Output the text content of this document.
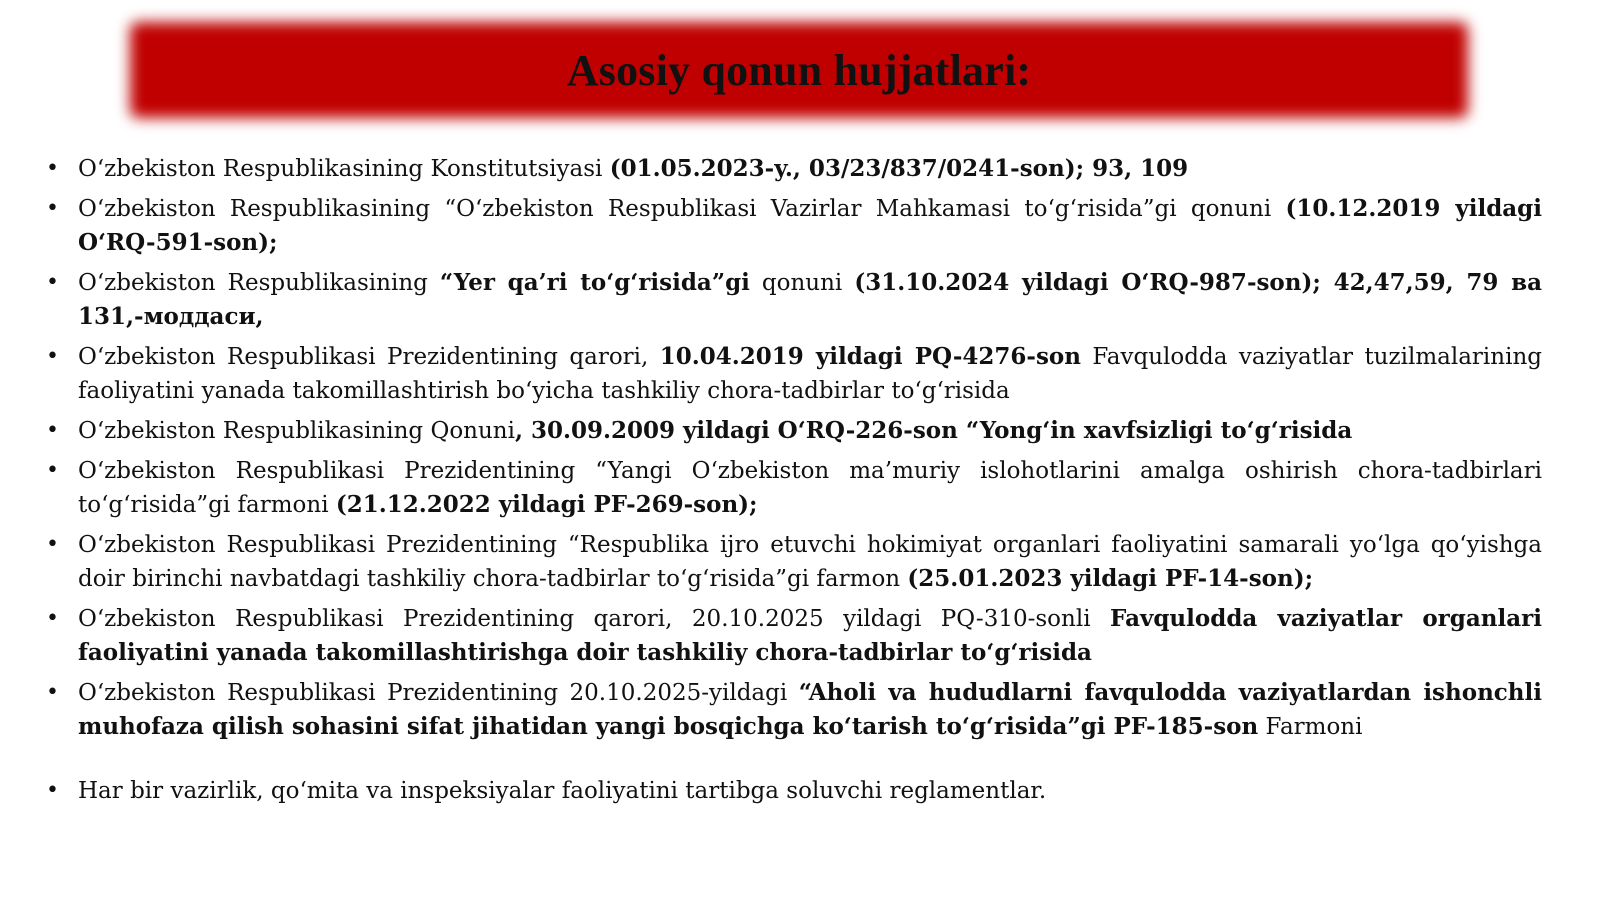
Asosiy qonun hujjatlari:
• O‘zbekiston Respublikasining Konstitutsiyasi (01.05.2023-y., 03/23/837/0241-son); 93, 109
• O‘zbekiston Respublikasining “O‘zbekiston Respublikasi Vazirlar Mahkamasi to‘g‘risida”gi qonuni (10.12.2019 yildagi O‘RQ-591-son);
• O‘zbekiston Respublikasining “Yer qa’ri to‘g‘risida”gi qonuni (31.10.2024 yildagi O‘RQ-987-son); 42,47,59, 79 ва 131,-моддаси,
• O‘zbekiston Respublikasi Prezidentining qarori, 10.04.2019 yildagi PQ-4276-son Favqulodda vaziyatlar tuzilmalarining faoliyatini yanada takomillashtirish bo‘yicha tashkiliy chora-tadbirlar to‘g‘risida
• O‘zbekiston Respublikasining Qonuni, 30.09.2009 yildagi O‘RQ-226-son “Yong‘in xavfsizligi to‘g‘risida
• O‘zbekiston Respublikasi Prezidentining “Yangi O‘zbekiston ma’muriy islohotlarini amalga oshirish chora-tadbirlari to‘g‘risida”gi farmoni (21.12.2022 yildagi PF-269-son);
• O‘zbekiston Respublikasi Prezidentining “Respublika ijro etuvchi hokimiyat organlari faoliyatini samarali yo‘lga qo‘yishga doir birinchi navbatdagi tashkiliy chora-tadbirlar to‘g‘risida”gi farmon (25.01.2023 yildagi PF-14-son);
• O‘zbekiston Respublikasi Prezidentining qarori, 20.10.2025 yildagi PQ-310-sonli Favqulodda vaziyatlar organlari faoliyatini yanada takomillashtirishga doir tashkiliy chora-tadbirlar to‘g‘risida
• O‘zbekiston Respublikasi Prezidentining 20.10.2025-yildagi “Aholi va hududlarni favqulodda vaziyatlardan ishonchli muhofaza qilish sohasini sifat jihatidan yangi bosqichga ko‘tarish to‘g‘risida”gi PF-185-son Farmoni
• Har bir vazirlik, qo‘mita va inspeksiyalar faoliyatini tartibga soluvchi reglamentlar.
